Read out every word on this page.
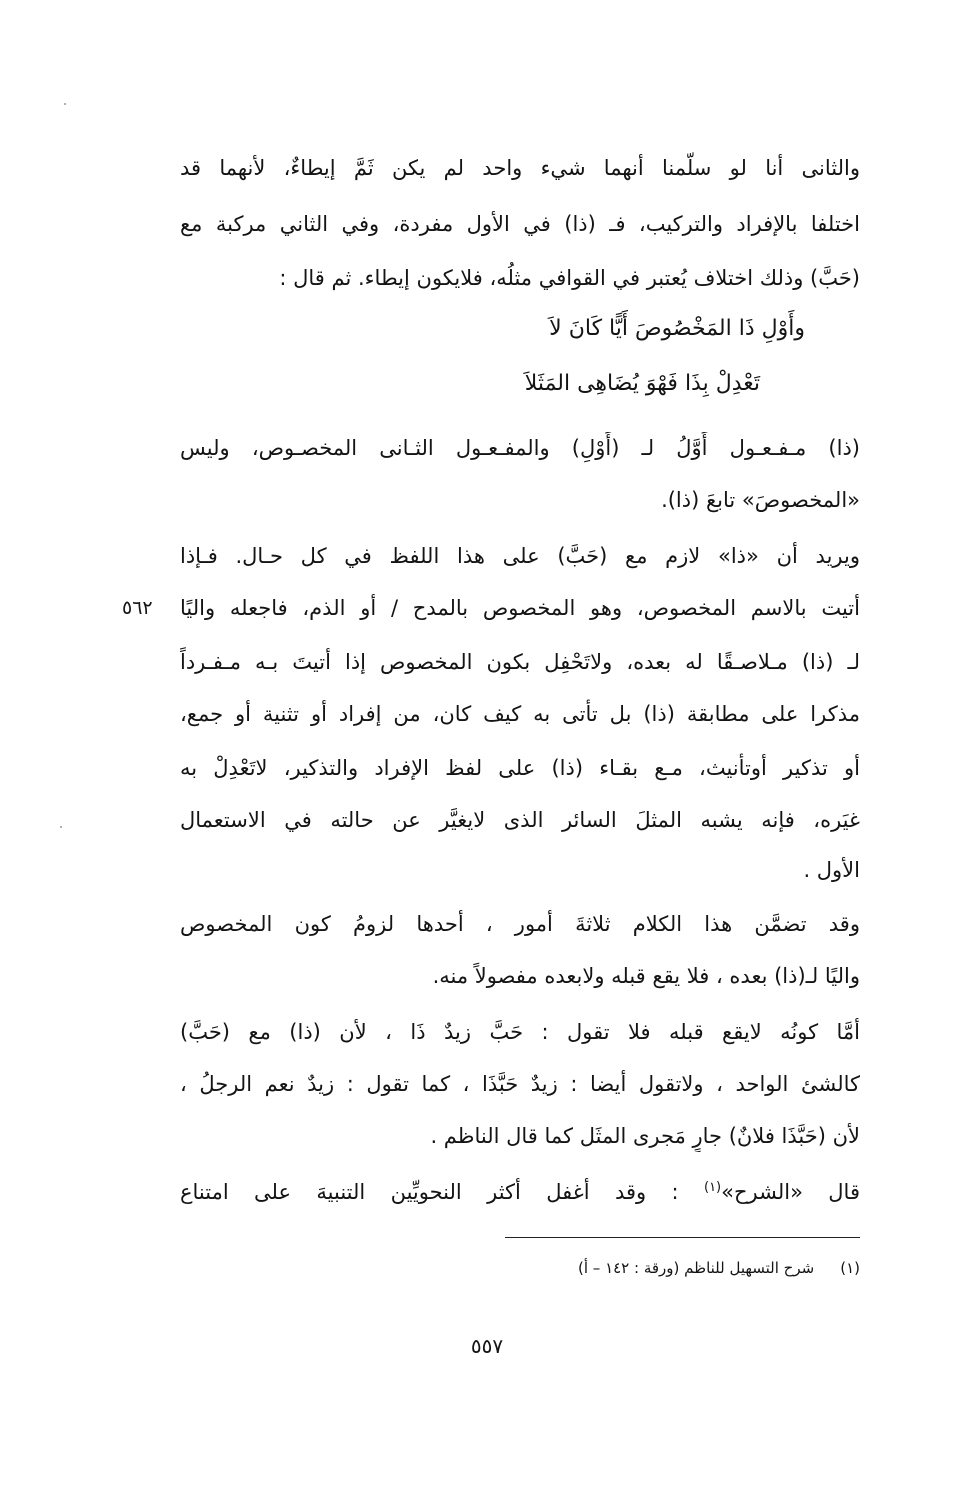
والثانى أنا لو سلَّمنا أنهما شيء واحد لم يكن ثَمَّ إيطاءٌ، لأنهما قد
اختلفا بالإفراد والتركيب، فـ (ذا) في الأول مفردة، وفي الثاني مركبة مع
(حَبَّ) وذلك اختلاف يُعتبر في القوافي مثلُه، فلايكون إيطاء. ثم قال :
وأَوْلِ ذَا المَخْصُوصَ أَيًّا كَانَ لاَ
تَعْدِلْ بِذَا فَهْوَ يُضَاهِى المَثَلاَ
(ذا) مـفـعـول أَوَّلُ لـ (أَوْلِ) والمفـعـول الثـانى المخصـوص، وليس
«المخصوصَ» تابعَ (ذا).
ويريد أن «ذا» لازم مع (حَبَّ) على هذا اللفظ في كل حـال. فـإذا
أتيت بالاسم المخصوص، وهو المخصوص بالمدح / أو الذم، فاجعله واليًا
لـ (ذا) مـلاصـقًا له بعده، ولاتَحْفِل بكون المخصوص إذا أتيتَ بـه مـفـرداً
مذكرا على مطابقة (ذا) بل تأتى به كيف كان، من إفراد أو تثنية أو جمع،
أو تذكير أوتأنيث، مـع بقـاء (ذا) على لفظ الإفراد والتذكير، لاتَعْدِلْ به
غيَره، فإنه يشبه المثلَ السائر الذى لايغيَّر عن حالته في الاستعمال
الأول .
وقد تضمَّن هذا الكلام ثلاثةَ أمور ، أحدها لزومُ كون المخصوص
واليًا لـ(ذا) بعده ، فلا يقع قبله ولابعده مفصولاً منه.
أمَّا كونُه لايقع قبله فلا تقول : حَبَّ زيدٌ ذَا ، لأن (ذا) مع (حَبَّ)
كالشئ الواحد ، ولاتقول أيضا : زيدٌ حَبَّذَا ، كما تقول : زيدٌ نعم الرجلُ ،
لأن (حَبَّذَا فلانٌ) جارٍ مَجرى المثَل كما قال الناظم .
قال «الشرح»$^{(١)}$ : وقد أغفل أكثر النحويِّين التنبيهَ على امتناع
٥٦٢
(١)شرح التسهيل للناظم (ورقة : ١٤٢ – أ)
٥٥٧
